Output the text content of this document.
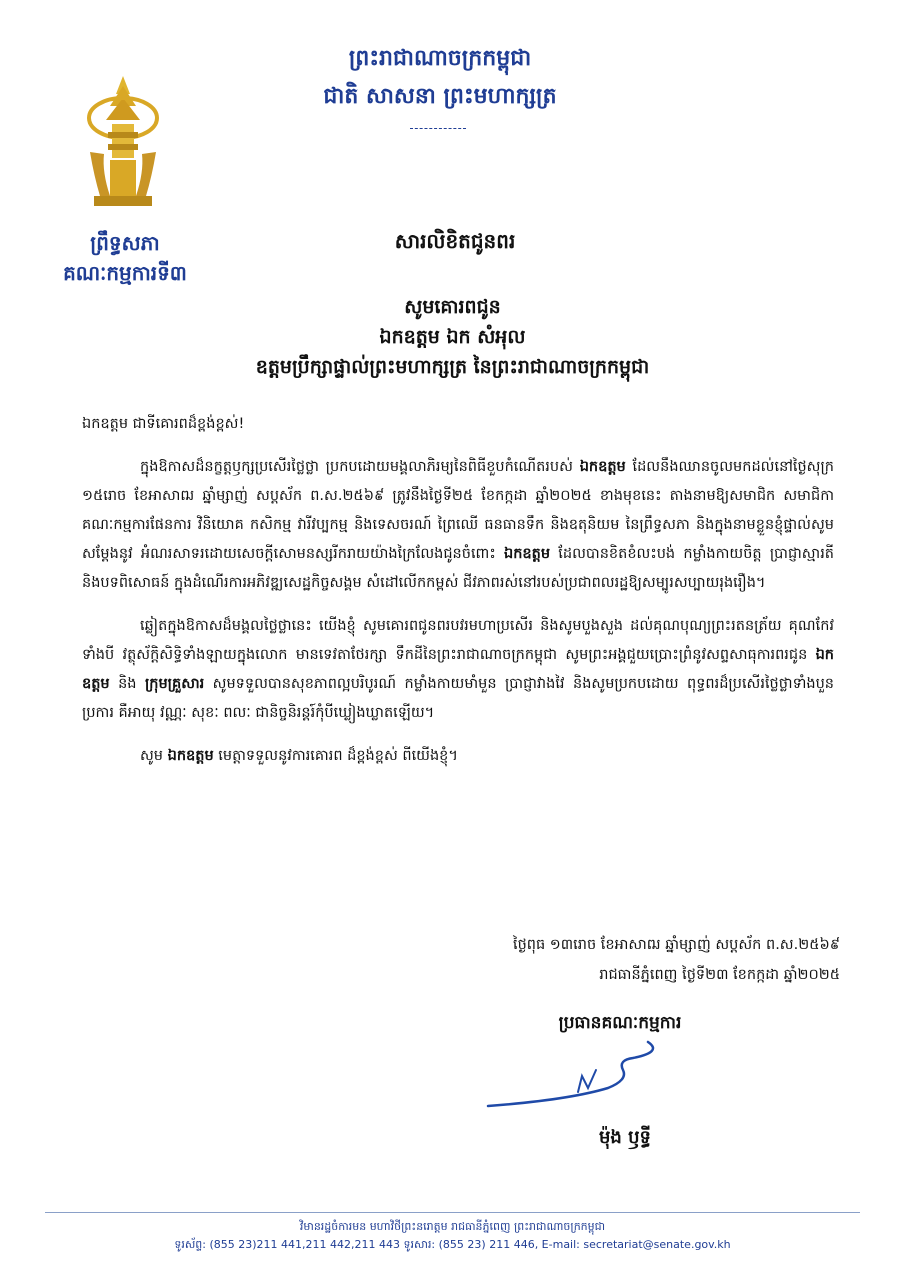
ព្រឹទ្ធសភា
គណៈកម្មការទី៣
ព្រះរាជាណាចក្រកម្ពុជា
ជាតិ សាសនា ព្រះមហាក្សត្រ
សារលិខិតជូនពរ
សូមគោរពជូន
ឯកឧត្តម ឯក សំអុល
ឧត្តមប្រឹក្សាផ្ទាល់ព្រះមហាក្សត្រ នៃព្រះរាជាណាចក្រកម្ពុជា

ឯកឧត្តម ជាទីគោរពដ៏ខ្ពង់ខ្ពស់!

ក្នុងឱកាសដ៏នក្ខត្តឫក្សប្រសើរថ្លៃថ្លា ប្រកបដោយមង្គលាភិរម្យនៃពិធីខួបកំណើតរបស់ ឯកឧត្តម ដែលនឹងឈានចូលមកដល់នៅថ្ងៃសុក្រ ១៥រោច ខែអាសាឍ ឆ្នាំម្សាញ់ សប្តស័ក ព.ស.២៥៦៩ ត្រូវនឹងថ្ងៃទី២៥ ខែកក្កដា ឆ្នាំ២០២៥ ខាងមុខនេះ តាងនាមឱ្យសមាជិក សមាជិកាគណៈកម្មការផែនការ វិនិយោគ កសិកម្ម វារីវប្បកម្ម និងទេសចរណ៍ ព្រៃឈើ ធនធានទឹក និងឧតុនិយម នៃព្រឹទ្ធសភា និងក្នុងនាមខ្លួនខ្ញុំផ្ទាល់សូមសម្តែងនូវ អំណរសាទរដោយសេចក្តីសោមនស្សរីករាយយ៉ាងក្រៃលែងជូនចំពោះ ឯកឧត្តម ដែលបានខិតខំលះបង់ កម្លាំងកាយចិត្ត ប្រាជ្ញាស្មារតី និងបទពិសោធន៍ ក្នុងដំណើរការអភិវឌ្ឍសេដ្ឋកិច្ចសង្គម សំដៅលើកកម្ពស់ ជីវភាពរស់នៅរបស់ប្រជាពលរដ្ឋឱ្យសម្បូរសប្បាយរុងរឿង។

ឆ្លៀតក្នុងឱកាសដ៏មង្គលថ្លៃថ្លានេះ យើងខ្ញុំ សូមគោរពជូនពរបវរមហាប្រសើរ និងសូមបួងសួង ដល់គុណបុណ្យព្រះរតនត្រ័យ គុណកែវទាំងបី វត្ថុស័ក្តិសិទ្ធិទាំងឡាយក្នុងលោក មានទេវតាថែរក្សា ទឹកដីនៃព្រះរាជាណាចក្រកម្ពុជា សូមព្រះអង្គជួយប្រោះព្រំនូវសព្ទសាធុការពរជូន ឯកឧត្តម និង ក្រុមគ្រួសារ សូមទទួលបានសុខភាពល្អបរិបូរណ៍ កម្លាំងកាយមាំមួន ប្រាជ្ញាវាងវៃ និងសូមប្រកបដោយ ពុទ្ធពរដ៏ប្រសើរថ្លៃថ្លាទាំងបួនប្រការ គឺអាយុ វណ្ណៈ សុខៈ ពលៈ ជានិច្ចនិរន្តរ៍កុំបីឃ្លៀងឃ្លាតឡើយ។

សូម ឯកឧត្តម មេត្តាទទួលនូវការគោរព ដ៏ខ្ពង់ខ្ពស់ ពីយើងខ្ញុំ។

ថ្ងៃពុធ ១៣រោច ខែអាសាឍ ឆ្នាំម្សាញ់ សប្តស័ក ព.ស.២៥៦៩
រាជធានីភ្នំពេញ ថ្ងៃទី២៣ ខែកក្កដា ឆ្នាំ២០២៥
ប្រធានគណៈកម្មការ
ម៉ុង ឫទ្ធី
វិមានរដ្ឋចំការមន មហាវិថីព្រះនរោត្តម រាជធានីភ្នំពេញ ព្រះរាជាណាចក្រកម្ពុជា
ទូរស័ព្ទ: (855 23)211 441,211 442,211 443 ទូរសារ: (855 23) 211 446, E-mail: secretariat@senate.gov.kh
